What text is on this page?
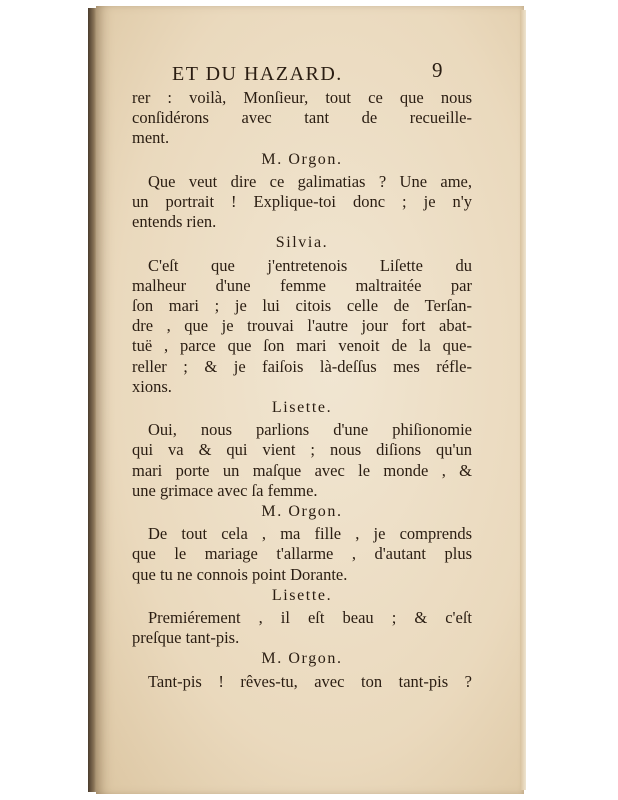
ET DU HAZARD.	9
rer : voilà, Monſieur, tout ce que nous
conſidérons avec tant de recueille-
ment.
M. Orgon.
Que veut dire ce galimatias ? Une ame,
un portrait ! Explique-toi donc ; je n'y
entends rien.
Silvia.
C'eſt que j'entretenois Liſette du
malheur d'une femme maltraitée par
ſon mari ; je lui citois celle de Terſan-
dre , que je trouvai l'autre jour fort abat-
tuë , parce que ſon mari venoit de la que-
reller ; & je faiſois là-deſſus mes réfle-
xions.
Lisette.
Oui, nous parlions d'une phiſionomie
qui va & qui vient ; nous diſions qu'un
mari porte un maſque avec le monde , &
une grimace avec ſa femme.
M. Orgon.
De tout cela , ma fille , je comprends
que le mariage t'allarme , d'autant plus
que tu ne connois point Dorante.
Lisette.
Premiérement , il eſt beau ; & c'eſt
preſque tant-pis.
M. Orgon.
Tant-pis ! rêves-tu, avec ton tant-pis ?
